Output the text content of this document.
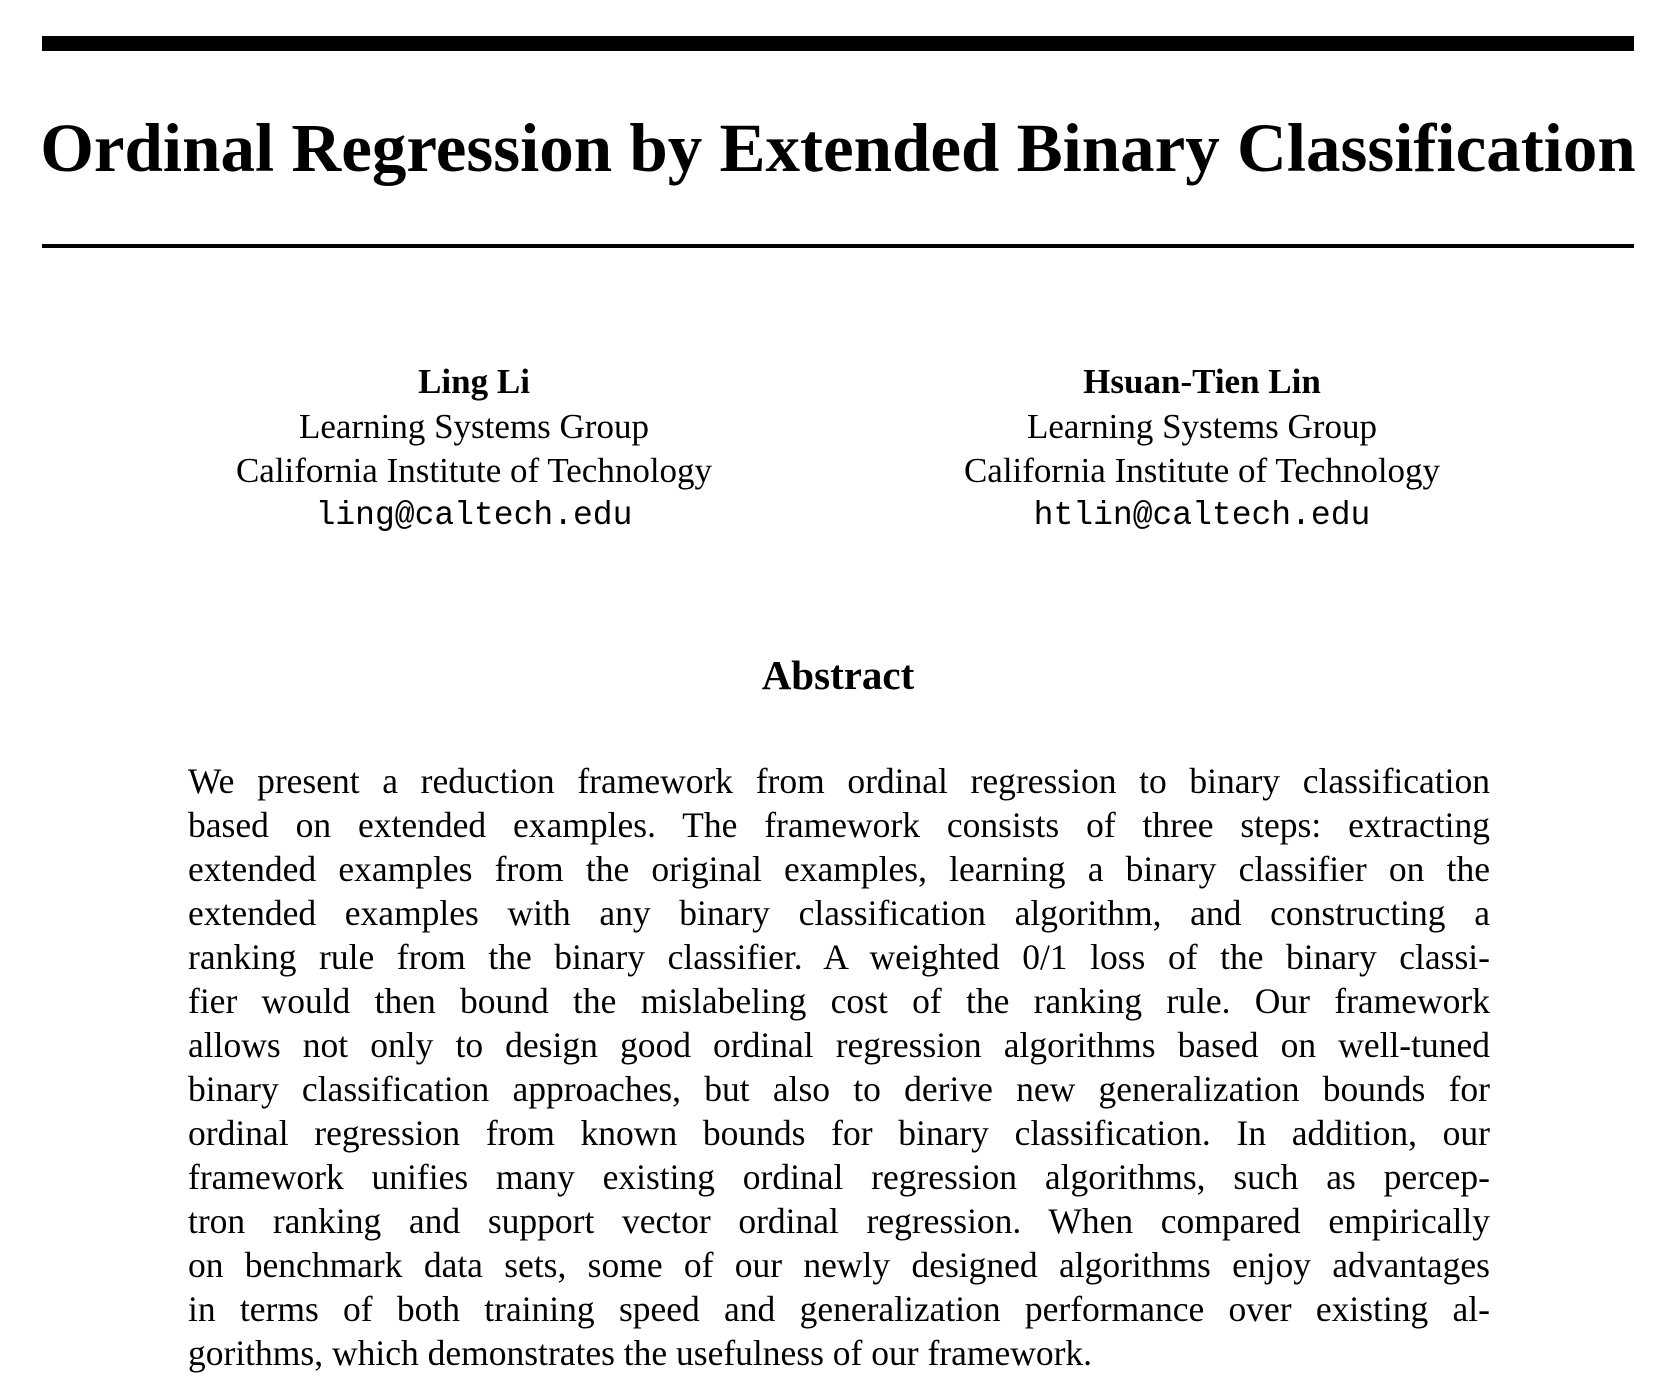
Ordinal Regression by Extended Binary Classification
Ling Li
Learning Systems Group
California Institute of Technology
ling@caltech.edu
Hsuan-Tien Lin
Learning Systems Group
California Institute of Technology
htlin@caltech.edu
Abstract
We present a reduction framework from ordinal regression to binary classification
based on extended examples. The framework consists of three steps: extracting
extended examples from the original examples, learning a binary classifier on the
extended examples with any binary classification algorithm, and constructing a
ranking rule from the binary classifier. A weighted 0/1 loss of the binary classi-
fier would then bound the mislabeling cost of the ranking rule. Our framework
allows not only to design good ordinal regression algorithms based on well-tuned
binary classification approaches, but also to derive new generalization bounds for
ordinal regression from known bounds for binary classification. In addition, our
framework unifies many existing ordinal regression algorithms, such as percep-
tron ranking and support vector ordinal regression. When compared empirically
on benchmark data sets, some of our newly designed algorithms enjoy advantages
in terms of both training speed and generalization performance over existing al-
gorithms, which demonstrates the usefulness of our framework.
